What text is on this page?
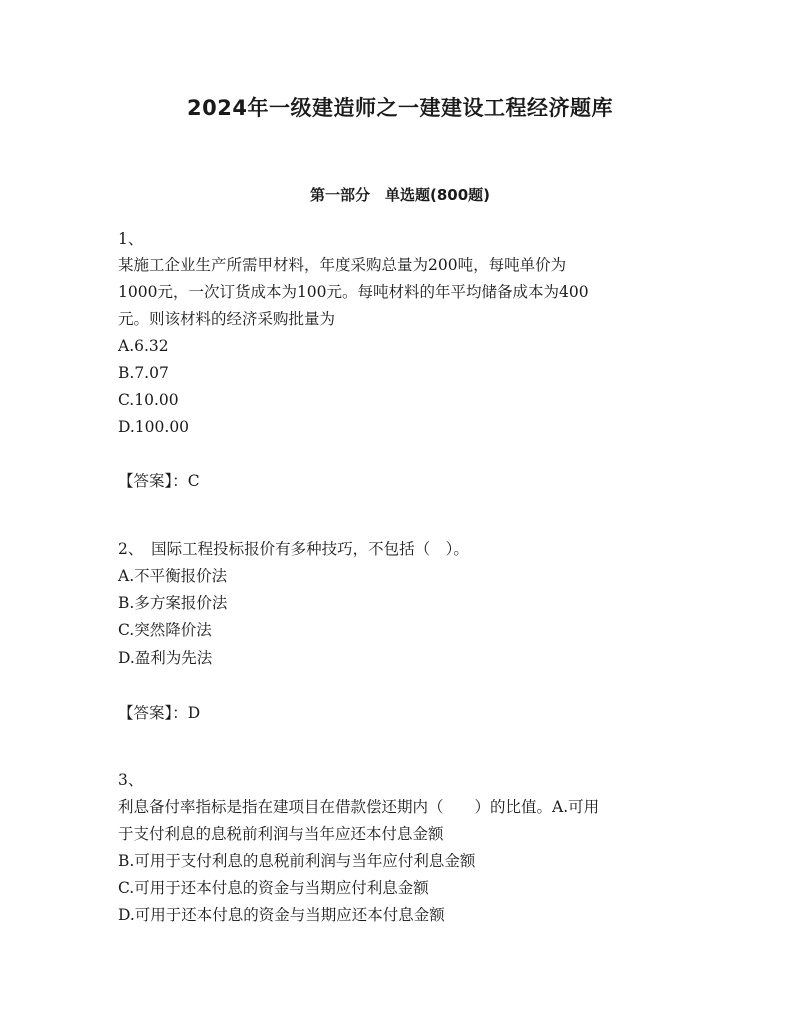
2024年一级建造师之一建建设工程经济题库
第一部分　单选题(800题)
1、
某施工企业生产所需甲材料，年度采购总量为200吨，每吨单价为
1000元，一次订货成本为100元。每吨材料的年平均储备成本为400
元。则该材料的经济采购批量为
A.6.32
B.7.07
C.10.00
D.100.00
【答案】：C
2、　国际工程投标报价有多种技巧，不包括（　）。
A.不平衡报价法
B.多方案报价法
C.突然降价法
D.盈利为先法
【答案】：D
3、
利息备付率指标是指在建项目在借款偿还期内（　　）的比值。A.可用
于支付利息的息税前利润与当年应还本付息金额
B.可用于支付利息的息税前利润与当年应付利息金额
C.可用于还本付息的资金与当期应付利息金额
D.可用于还本付息的资金与当期应还本付息金额
